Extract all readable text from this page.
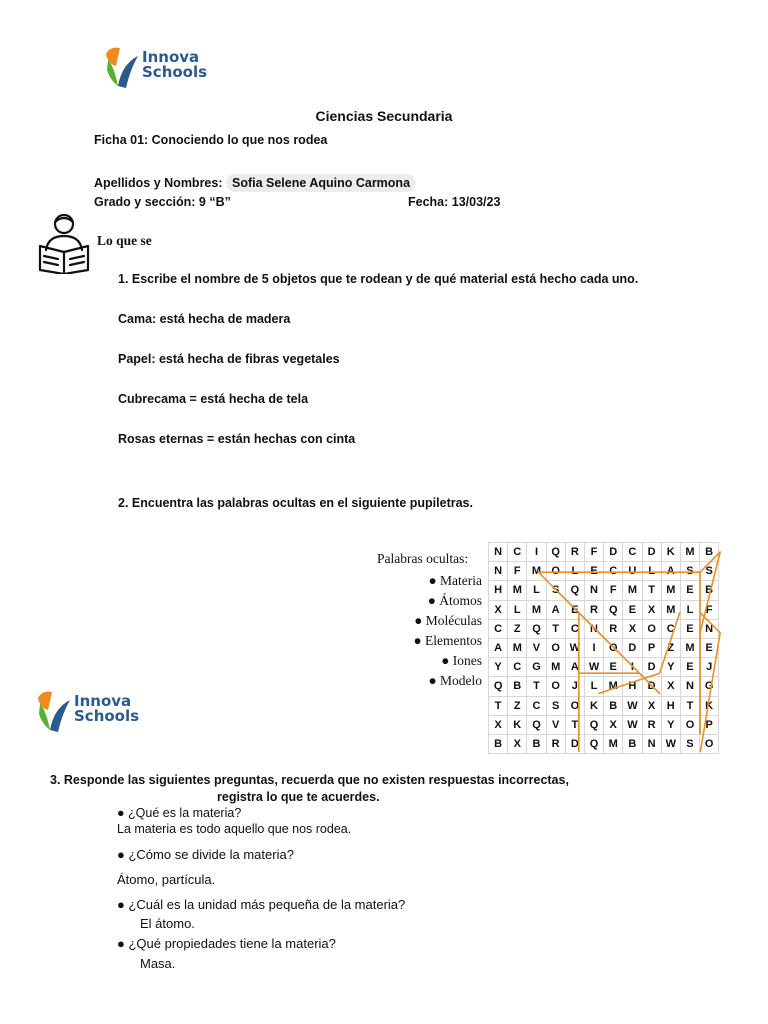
Innova
Schools
Ciencias Secundaria
Ficha 01: Conociendo lo que nos rodea
Apellidos y Nombres: Sofia Selene Aquino Carmona
Grado y sección: 9 “B”	Fecha: 13/03/23
Lo que se
1. Escribe el nombre de 5 objetos que te rodean y de qué material está hecho cada uno.
Cama: está hecha de madera
Papel: está hecha de fibras vegetales
Cubrecama = está hecha de tela
Rosas eternas = están hechas con cinta
2. Encuentra las palabras ocultas en el siguiente pupiletras.
Palabras ocultas:
● Materia
● Átomos
● Moléculas
● Elementos
● Iones
● Modelo
N	C	I	Q	R	F	D	C	D	K	M	B
N	F	M	O	L	E	C	U	L	A	S	S
H	M	L	S	Q	N	F	M	T	M	E	B
X	L	M	A	E	R	Q	E	X	M	L	F
C	Z	Q	T	C	N	R	X	O	C	E	N
A	M	V	O	W	I	O	D	P	Z	M	E
Y	C	G	M	A	W	E	I	D	Y	E	J
Q	B	T	O	J	L	M	H	D	X	N	G
T	Z	C	S	O	K	B	W	X	H	T	K
X	K	Q	V	T	Q	X	W	R	Y	O	P
B	X	B	R	D	Q	M	B	N	W	S	O
Innova
Schools
3. Responde las siguientes preguntas, recuerda que no existen respuestas incorrectas,
registra lo que te acuerdes.
● ¿Qué es la materia?
La materia es todo aquello que nos rodea.
● ¿Cómo se divide la materia?
Átomo, partícula.
● ¿Cuál es la unidad más pequeña de la materia?
El átomo.
● ¿Qué propiedades tiene la materia?
Masa.
